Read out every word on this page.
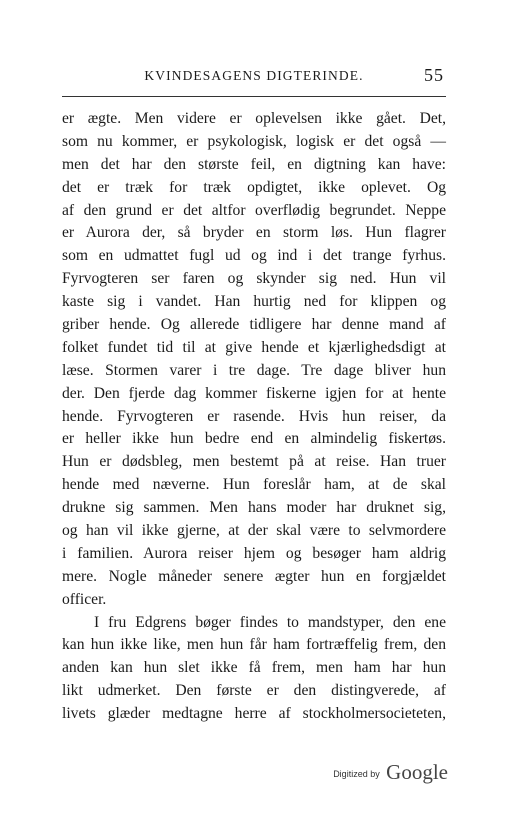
KVINDESAGENS DIGTERINDE.	55
er ægte. Men videre er oplevelsen ikke gået. Det,
som nu kommer, er psykologisk, logisk er det også —
men det har den største feil, en digtning kan have:
det er træk for træk opdigtet, ikke oplevet. Og
af den grund er det altfor overflødig begrundet. Neppe
er Aurora der, så bryder en storm løs. Hun flagrer
som en udmattet fugl ud og ind i det trange fyrhus.
Fyrvogteren ser faren og skynder sig ned. Hun vil
kaste sig i vandet. Han hurtig ned for klippen og
griber hende. Og allerede tidligere har denne mand af
folket fundet tid til at give hende et kjærlighedsdigt at
læse. Stormen varer i tre dage. Tre dage bliver hun
der. Den fjerde dag kommer fiskerne igjen for at hente
hende. Fyrvogteren er rasende. Hvis hun reiser, da
er heller ikke hun bedre end en almindelig fiskertøs.
Hun er dødsbleg, men bestemt på at reise. Han truer
hende med næverne. Hun foreslår ham, at de skal
drukne sig sammen. Men hans moder har druknet sig,
og han vil ikke gjerne, at der skal være to selvmordere
i familien. Aurora reiser hjem og besøger ham aldrig
mere. Nogle måneder senere ægter hun en forgjældet
officer.
I fru Edgrens bøger findes to mandstyper, den ene
kan hun ikke like, men hun får ham fortræffelig frem, den
anden kan hun slet ikke få frem, men ham har hun
likt udmerket. Den første er den distingverede, af
livets glæder medtagne herre af stockholmersocieteten,
Digitized by Google
